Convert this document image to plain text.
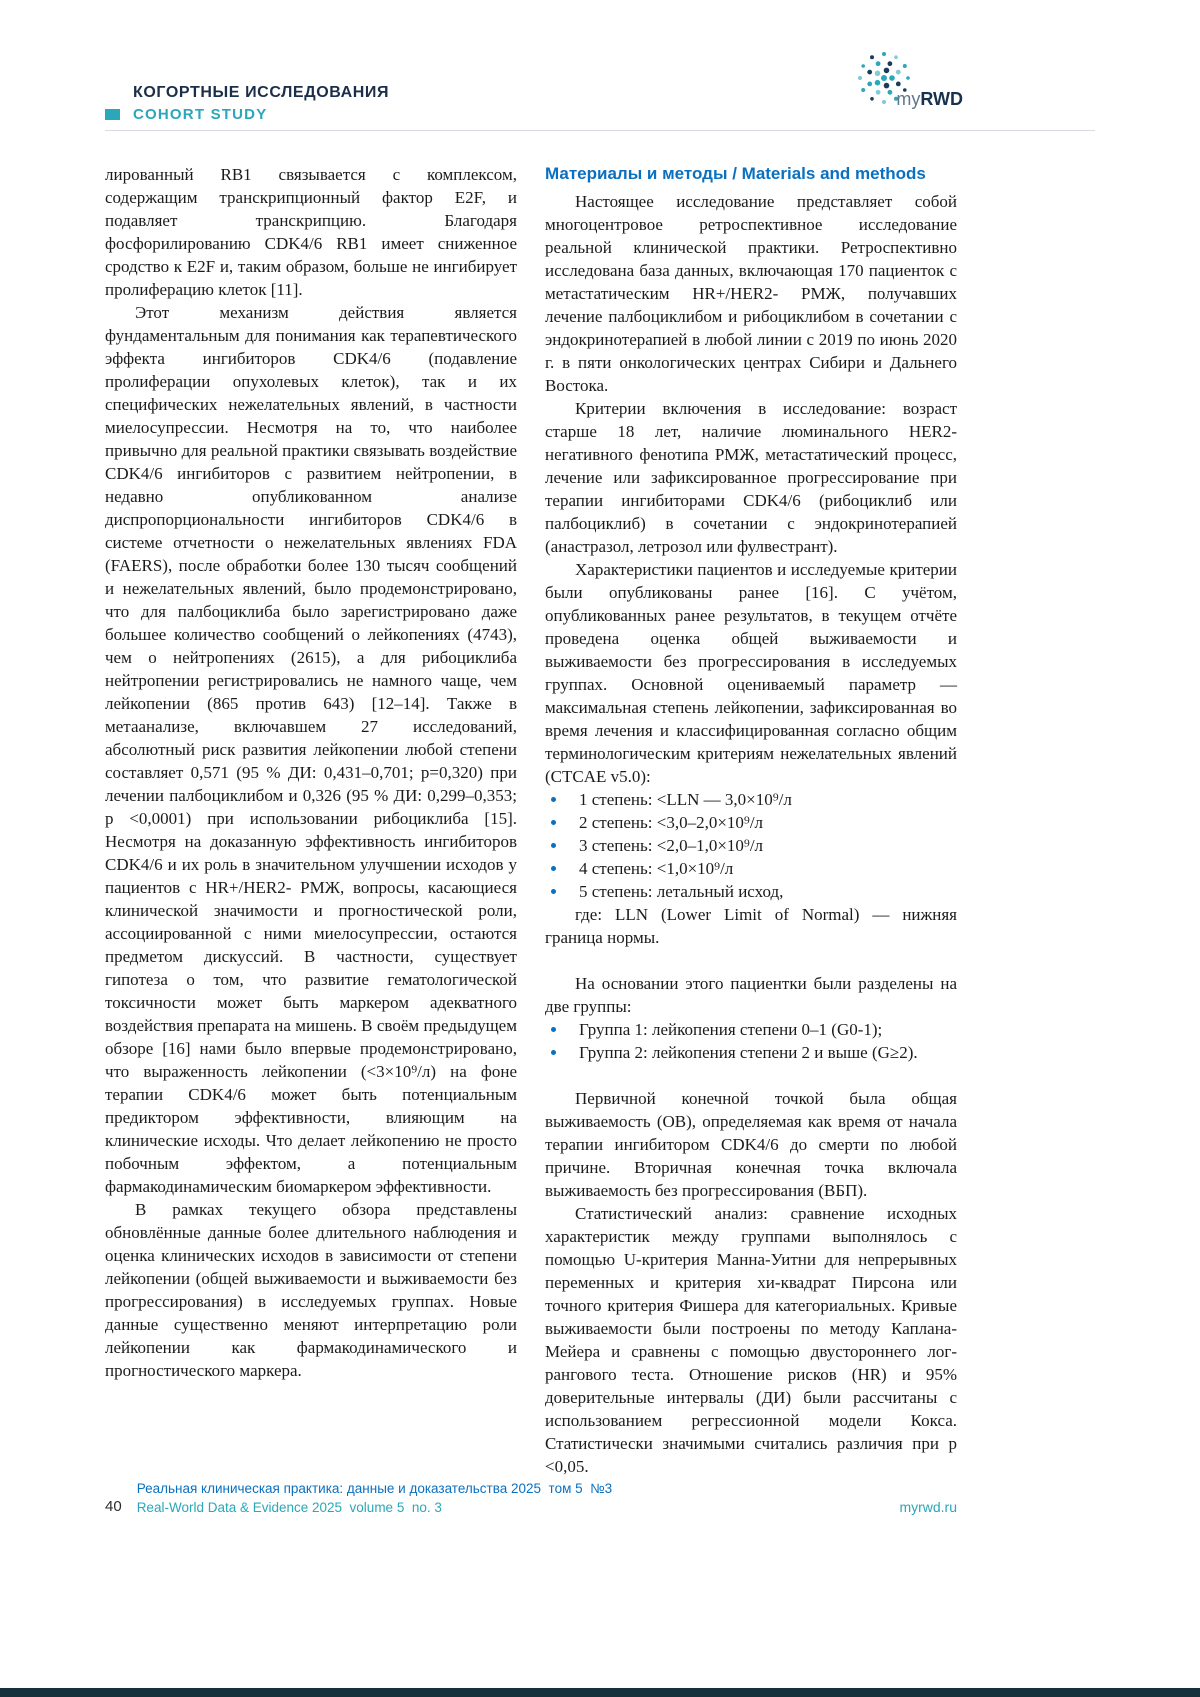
КОГОРТНЫЕ ИССЛЕДОВАНИЯ
COHORT STUDY
myRWD

лированный RB1 связывается с комплексом, содержащим транскрипционный фактор E2F, и подавляет транскрипцию. Благодаря фосфорилированию CDK4/6 RB1 имеет сниженное сродство к E2F и, таким образом, больше не ингибирует пролиферацию клеток [11].

Этот механизм действия является фундаментальным для понимания как терапевтического эффекта ингибиторов CDK4/6 (подавление пролиферации опухолевых клеток), так и их специфических нежелательных явлений, в частности миелосупрессии. Несмотря на то, что наиболее привычно для реальной практики связывать воздействие CDK4/6 ингибиторов с развитием нейтропении, в недавно опубликованном анализе диспропорциональности ингибиторов CDK4/6 в системе отчетности о нежелательных явлениях FDA (FAERS), после обработки более 130 тысяч сообщений и нежелательных явлений, было продемонстрировано, что для палбоциклиба было зарегистрировано даже большее количество сообщений о лейкопениях (4743), чем о нейтропениях (2615), а для рибоциклиба нейтропении регистрировались не намного чаще, чем лейкопении (865 против 643) [12–14]. Также в метаанализе, включавшем 27 исследований, абсолютный риск развития лейкопении любой степени составляет 0,571 (95 % ДИ: 0,431–0,701; p=0,320) при лечении палбоциклибом и 0,326 (95 % ДИ: 0,299–0,353; p <0,0001) при использовании рибоциклиба [15]. Несмотря на доказанную эффективность ингибиторов CDK4/6 и их роль в значительном улучшении исходов у пациентов с HR+/HER2- РМЖ, вопросы, касающиеся клинической значимости и прогностической роли, ассоциированной с ними миелосупрессии, остаются предметом дискуссий. В частности, существует гипотеза о том, что развитие гематологической токсичности может быть маркером адекватного воздействия препарата на мишень. В своём предыдущем обзоре [16] нами было впервые продемонстрировано, что выраженность лейкопении (<3×10⁹/л) на фоне терапии CDK4/6 может быть потенциальным предиктором эффективности, влияющим на клинические исходы. Что делает лейкопению не просто побочным эффектом, а потенциальным фармакодинамическим биомаркером эффективности.

В рамках текущего обзора представлены обновлённые данные более длительного наблюдения и оценка клинических исходов в зависимости от степени лейкопении (общей выживаемости и выживаемости без прогрессирования) в исследуемых группах. Новые данные существенно меняют интерпретацию роли лейкопении как фармакодинамического и прогностического маркера.

Материалы и методы / Materials and methods

Настоящее исследование представляет собой многоцентровое ретроспективное исследование реальной клинической практики. Ретроспективно исследована база данных, включающая 170 пациенток с метастатическим HR+/HER2- РМЖ, получавших лечение палбоциклибом и рибоциклибом в сочетании с эндокринотерапией в любой линии с 2019 по июнь 2020 г. в пяти онкологических центрах Сибири и Дальнего Востока.

Критерии включения в исследование: возраст старше 18 лет, наличие люминального HER2-негативного фенотипа РМЖ, метастатический процесс, лечение или зафиксированное прогрессирование при терапии ингибиторами CDK4/6 (рибоциклиб или палбоциклиб) в сочетании с эндокринотерапией (анастразол, летрозол или фулвестрант).

Характеристики пациентов и исследуемые критерии были опубликованы ранее [16]. С учётом, опубликованных ранее результатов, в текущем отчёте проведена оценка общей выживаемости и выживаемости без прогрессирования в исследуемых группах. Основной оцениваемый параметр — максимальная степень лейкопении, зафиксированная во время лечения и классифицированная согласно общим терминологическим критериям нежелательных явлений (CTCAE v5.0):

1 степень: <LLN — 3,0×10⁹/л
2 степень: <3,0–2,0×10⁹/л
3 степень: <2,0–1,0×10⁹/л
4 степень: <1,0×10⁹/л
5 степень: летальный исход,

где: LLN (Lower Limit of Normal) — нижняя граница нормы.

На основании этого пациентки были разделены на две группы:

Группа 1: лейкопения степени 0–1 (G0-1);
Группа 2: лейкопения степени 2 и выше (G≥2).

Первичной конечной точкой была общая выживаемость (ОВ), определяемая как время от начала терапии ингибитором CDK4/6 до смерти по любой причине. Вторичная конечная точка включала выживаемость без прогрессирования (ВБП).

Статистический анализ: сравнение исходных характеристик между группами выполнялось с помощью U-критерия Манна-Уитни для непрерывных переменных и критерия хи-квадрат Пирсона или точного критерия Фишера для категориальных. Кривые выживаемости были построены по методу Каплана-Мейера и сравнены с помощью двустороннего лог-рангового теста. Отношение рисков (HR) и 95% доверительные интервалы (ДИ) были рассчитаны с использованием регрессионной модели Кокса. Статистически значимыми считались различия при p <0,05.

40
Реальная клиническая практика: данные и доказательства 2025  том 5  №3
Real-World Data & Evidence 2025  volume 5  no. 3	myrwd.ru
